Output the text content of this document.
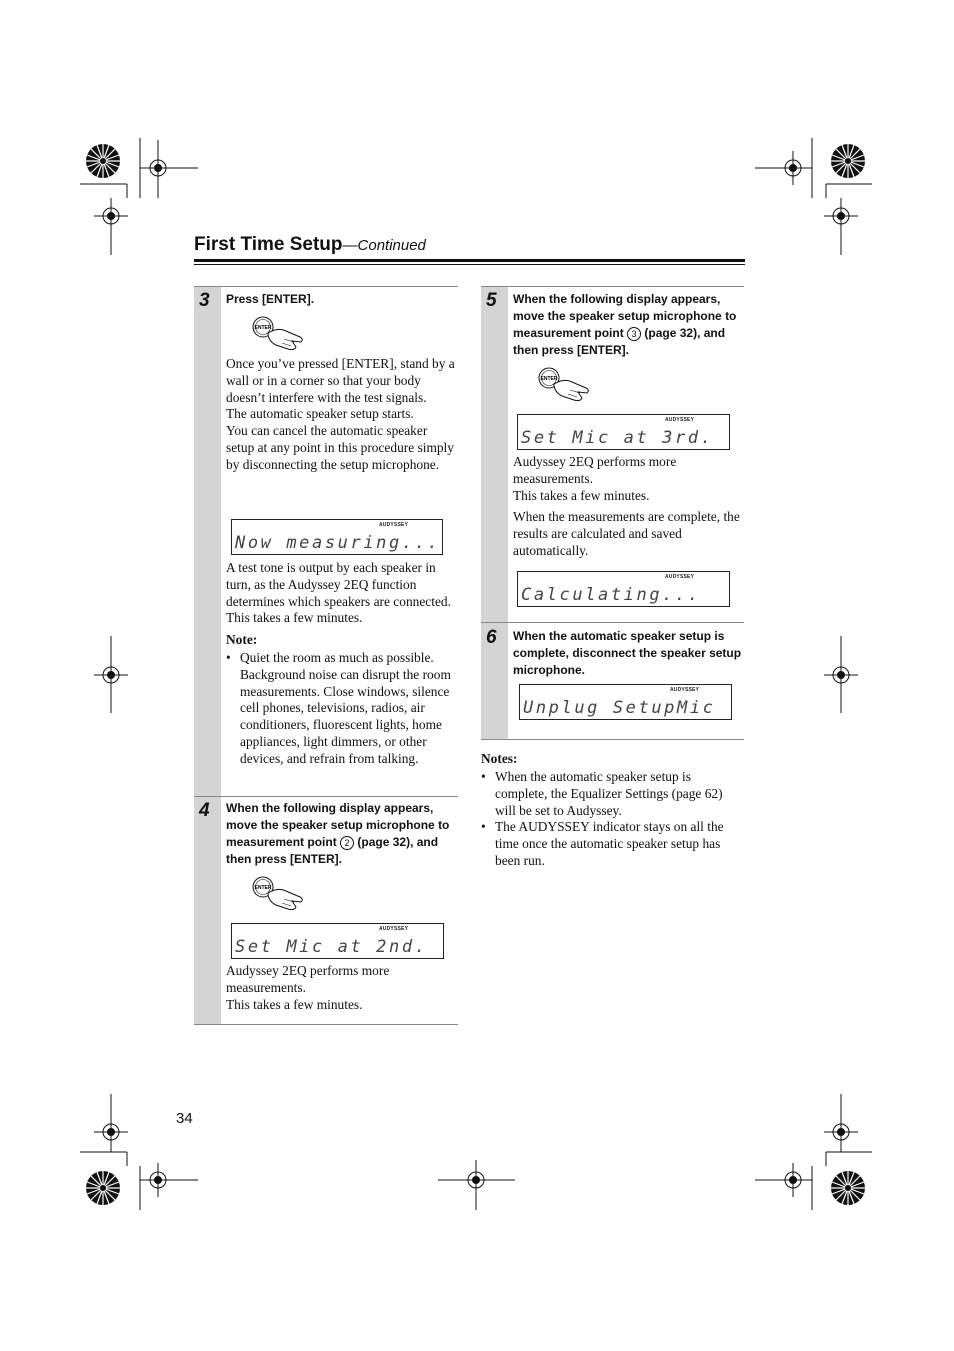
First Time Setup—Continued
3 Press [ENTER].
ENTER

Once you’ve pressed [ENTER], stand by a wall or in a corner so that your body doesn’t interfere with the test signals.

The automatic speaker setup starts.

You can cancel the automatic speaker setup at any point in this procedure simply by disconnecting the setup microphone.

AUDYSSEY
Now measuring...
A test tone is output by each speaker in turn, as the Audyssey 2EQ function determines which speakers are connected. This takes a few minutes.
Note:
• Quiet the room as much as possible. Background noise can disrupt the room measurements. Close windows, silence cell phones, televisions, radios, air conditioners, fluorescent lights, home appliances, light dimmers, or other devices, and refrain from talking.
4 When the following display appears, move the speaker setup microphone to measurement point 2 (page 32), and then press [ENTER].
ENTER
AUDYSSEY
Set Mic at 2nd.

Audyssey 2EQ performs more measurements.

This takes a few minutes.

5 When the following display appears, move the speaker setup microphone to measurement point 3 (page 32), and then press [ENTER].
ENTER
AUDYSSEY
Set Mic at 3rd.

Audyssey 2EQ performs more measurements.

This takes a few minutes.

When the measurements are complete, the results are calculated and saved automatically.

AUDYSSEY
Calculating...
6 When the automatic speaker setup is complete, disconnect the speaker setup microphone.
AUDYSSEY
Unplug SetupMic
Notes:
• When the automatic speaker setup is complete, the Equalizer Settings (page 62) will be set to Audyssey.
• The AUDYSSEY indicator stays on all the time once the automatic speaker setup has been run.
34
